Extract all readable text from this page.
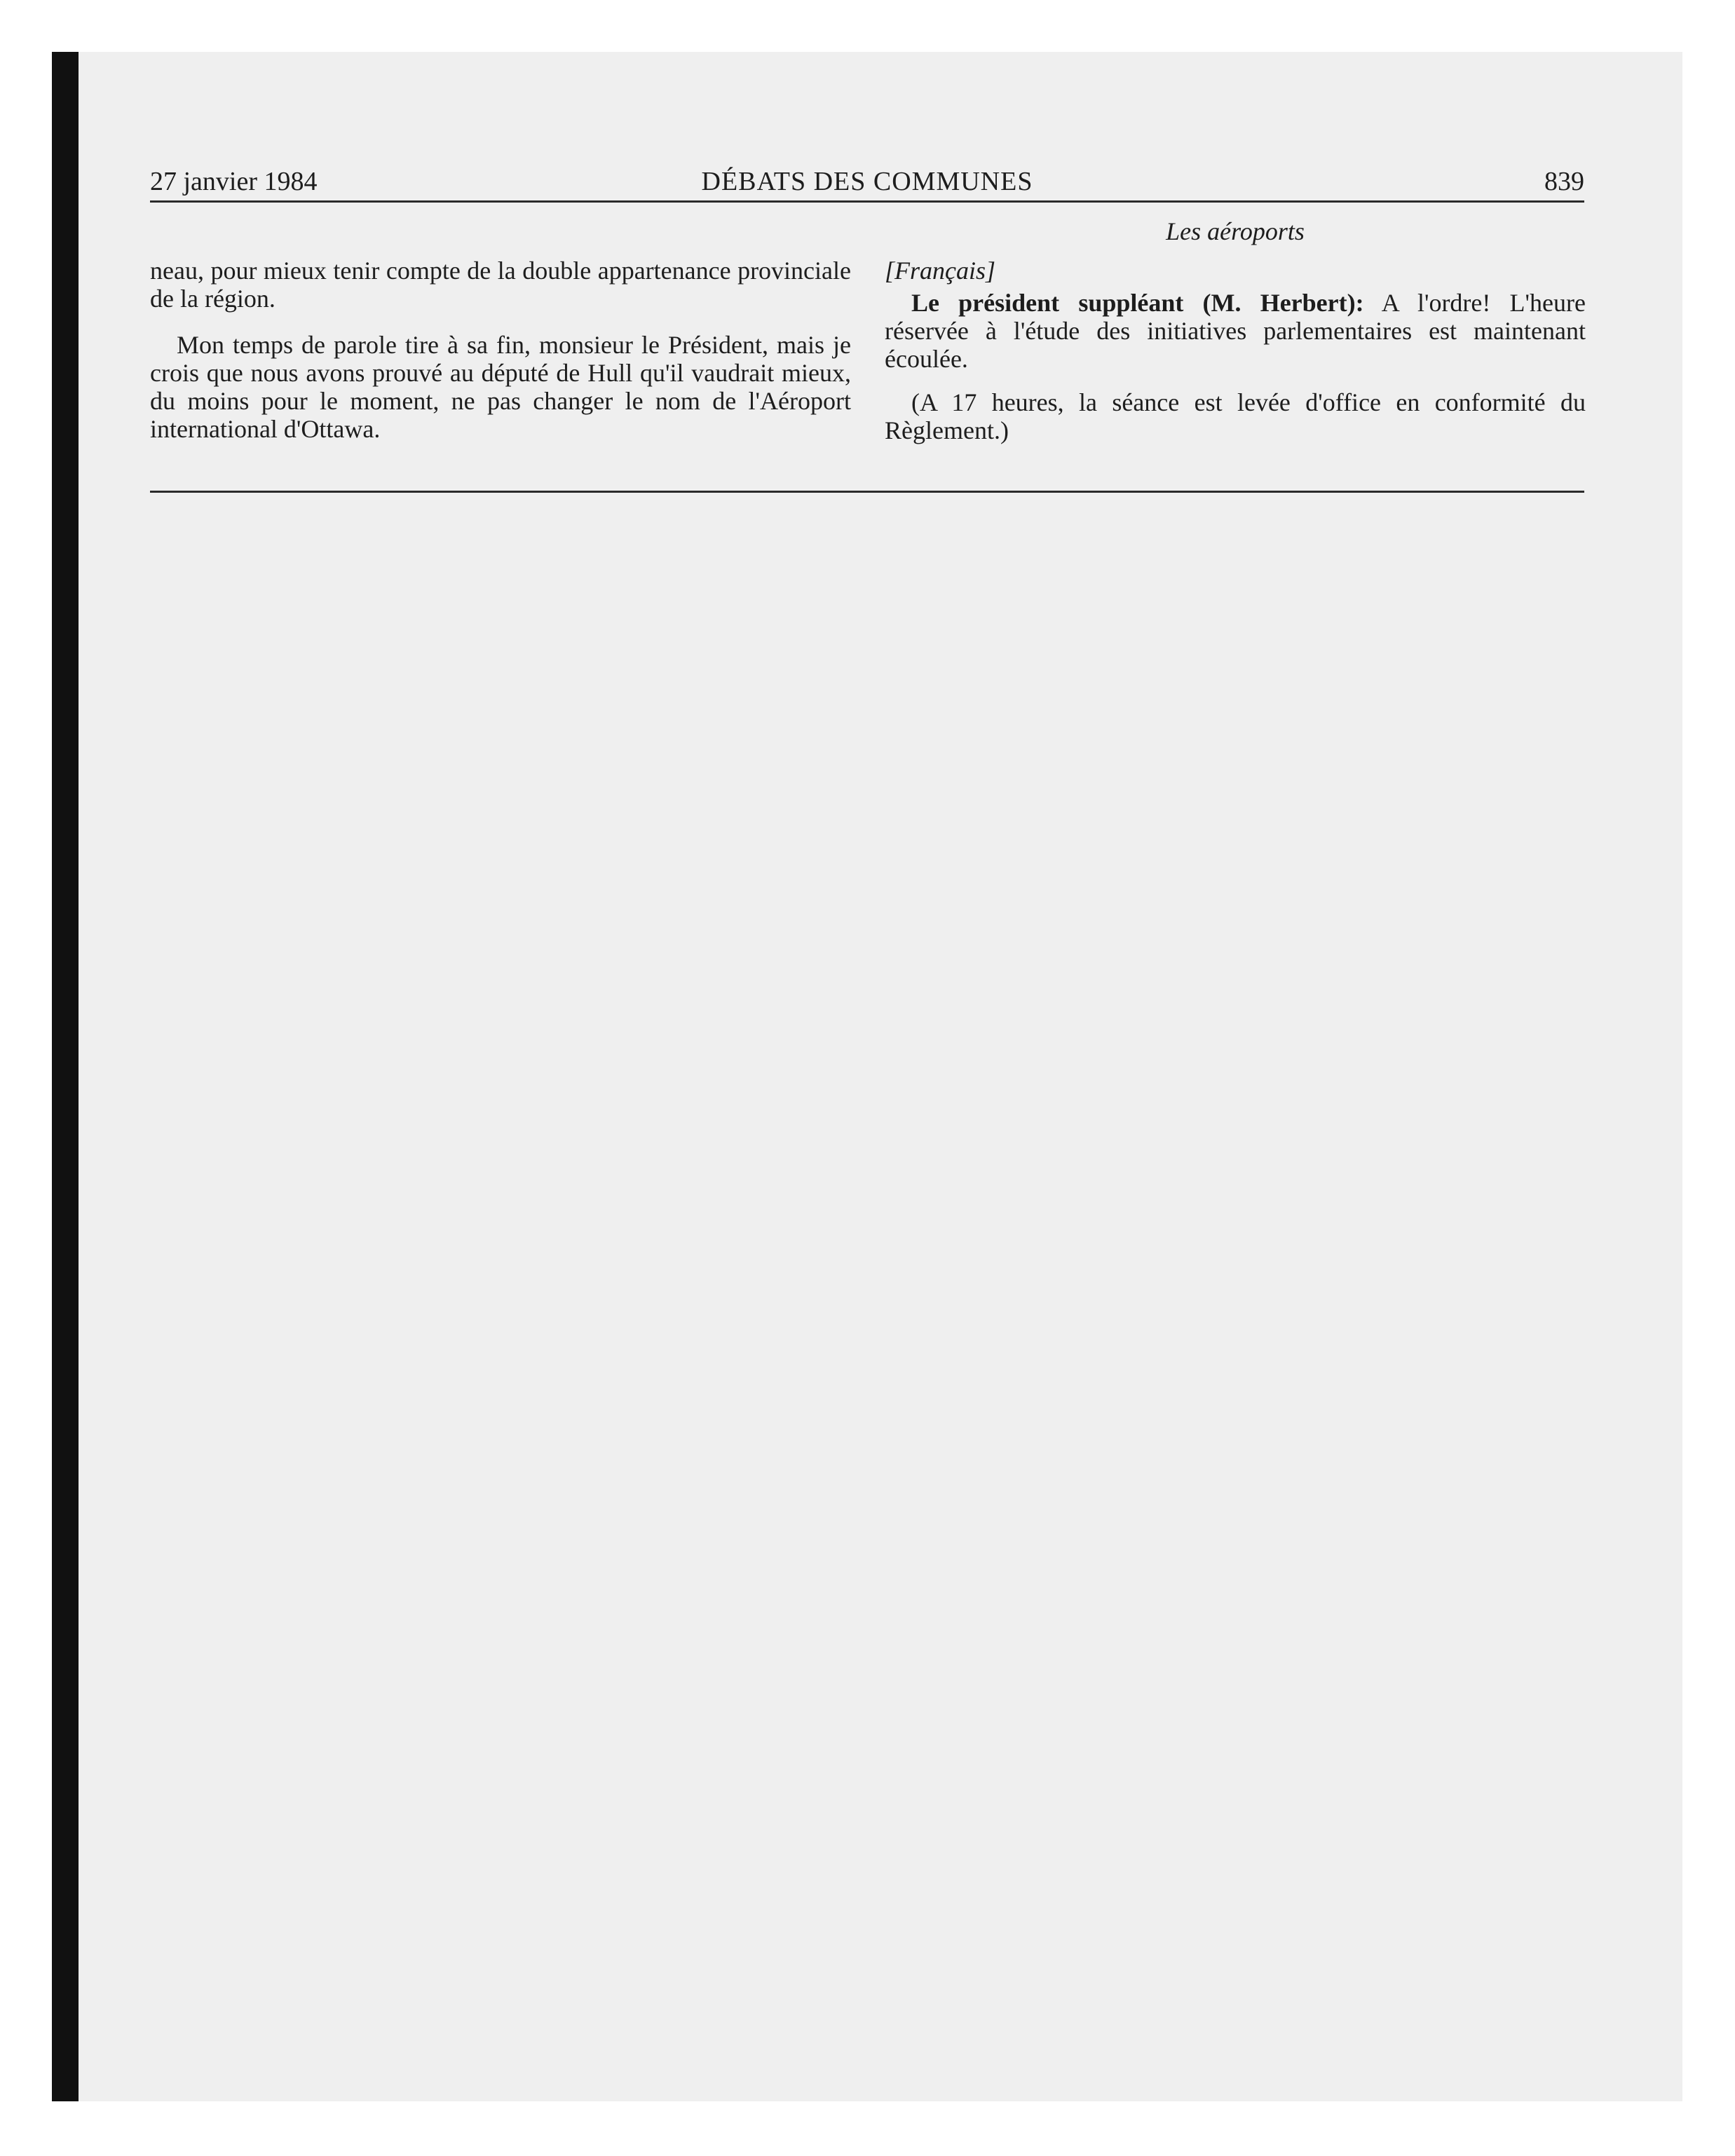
27 janvier 1984	DÉBATS DES COMMUNES	839

neau, pour mieux tenir compte de la double appartenance provinciale de la région.

Mon temps de parole tire à sa fin, monsieur le Président, mais je crois que nous avons prouvé au député de Hull qu'il vaudrait mieux, du moins pour le moment, ne pas changer le nom de l'Aéroport international d'Ottawa.

Les aéroports

[Français]

Le président suppléant (M. Herbert): A l'ordre! L'heure réservée à l'étude des initiatives parlementaires est maintenant écoulée.

(A 17 heures, la séance est levée d'office en conformité du Règlement.)
